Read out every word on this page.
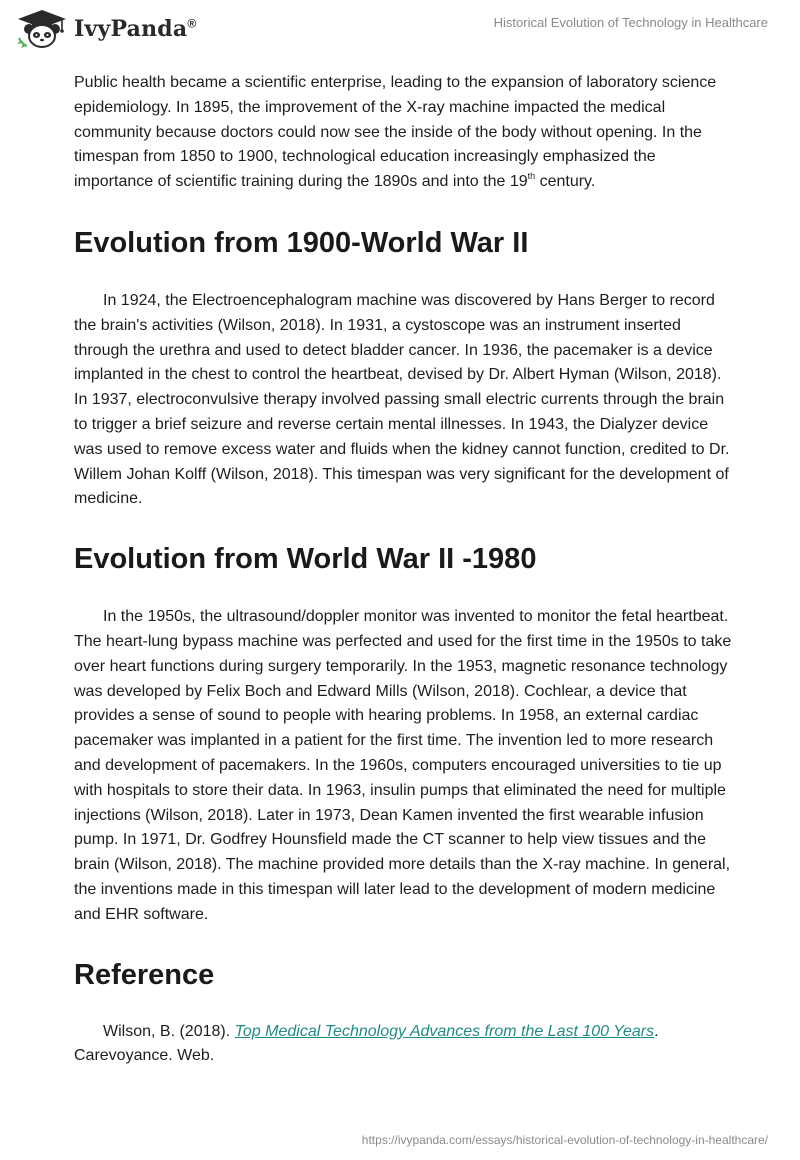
IvyPanda®	Historical Evolution of Technology in Healthcare

Public health became a scientific enterprise, leading to the expansion of laboratory science epidemiology. In 1895, the improvement of the X-ray machine impacted the medical community because doctors could now see the inside of the body without opening. In the timespan from 1850 to 1900, technological education increasingly emphasized the importance of scientific training during the 1890s and into the 19th century.

Evolution from 1900-World War II

In 1924, the Electroencephalogram machine was discovered by Hans Berger to record the brain's activities (Wilson, 2018). In 1931, a cystoscope was an instrument inserted through the urethra and used to detect bladder cancer. In 1936, the pacemaker is a device implanted in the chest to control the heartbeat, devised by Dr. Albert Hyman (Wilson, 2018). In 1937, electroconvulsive therapy involved passing small electric currents through the brain to trigger a brief seizure and reverse certain mental illnesses. In 1943, the Dialyzer device was used to remove excess water and fluids when the kidney cannot function, credited to Dr. Willem Johan Kolff (Wilson, 2018). This timespan was very significant for the development of medicine.

Evolution from World War II -1980

In the 1950s, the ultrasound/doppler monitor was invented to monitor the fetal heartbeat. The heart-lung bypass machine was perfected and used for the first time in the 1950s to take over heart functions during surgery temporarily. In the 1953, magnetic resonance technology was developed by Felix Boch and Edward Mills (Wilson, 2018). Cochlear, a device that provides a sense of sound to people with hearing problems. In 1958, an external cardiac pacemaker was implanted in a patient for the first time. The invention led to more research and development of pacemakers. In the 1960s, computers encouraged universities to tie up with hospitals to store their data. In 1963, insulin pumps that eliminated the need for multiple injections (Wilson, 2018). Later in 1973, Dean Kamen invented the first wearable infusion pump. In 1971, Dr. Godfrey Hounsfield made the CT scanner to help view tissues and the brain (Wilson, 2018). The machine provided more details than the X-ray machine. In general, the inventions made in this timespan will later lead to the development of modern medicine and EHR software.

Reference

Wilson, B. (2018). Top Medical Technology Advances from the Last 100 Years. Carevoyance. Web.

https://ivypanda.com/essays/historical-evolution-of-technology-in-healthcare/
